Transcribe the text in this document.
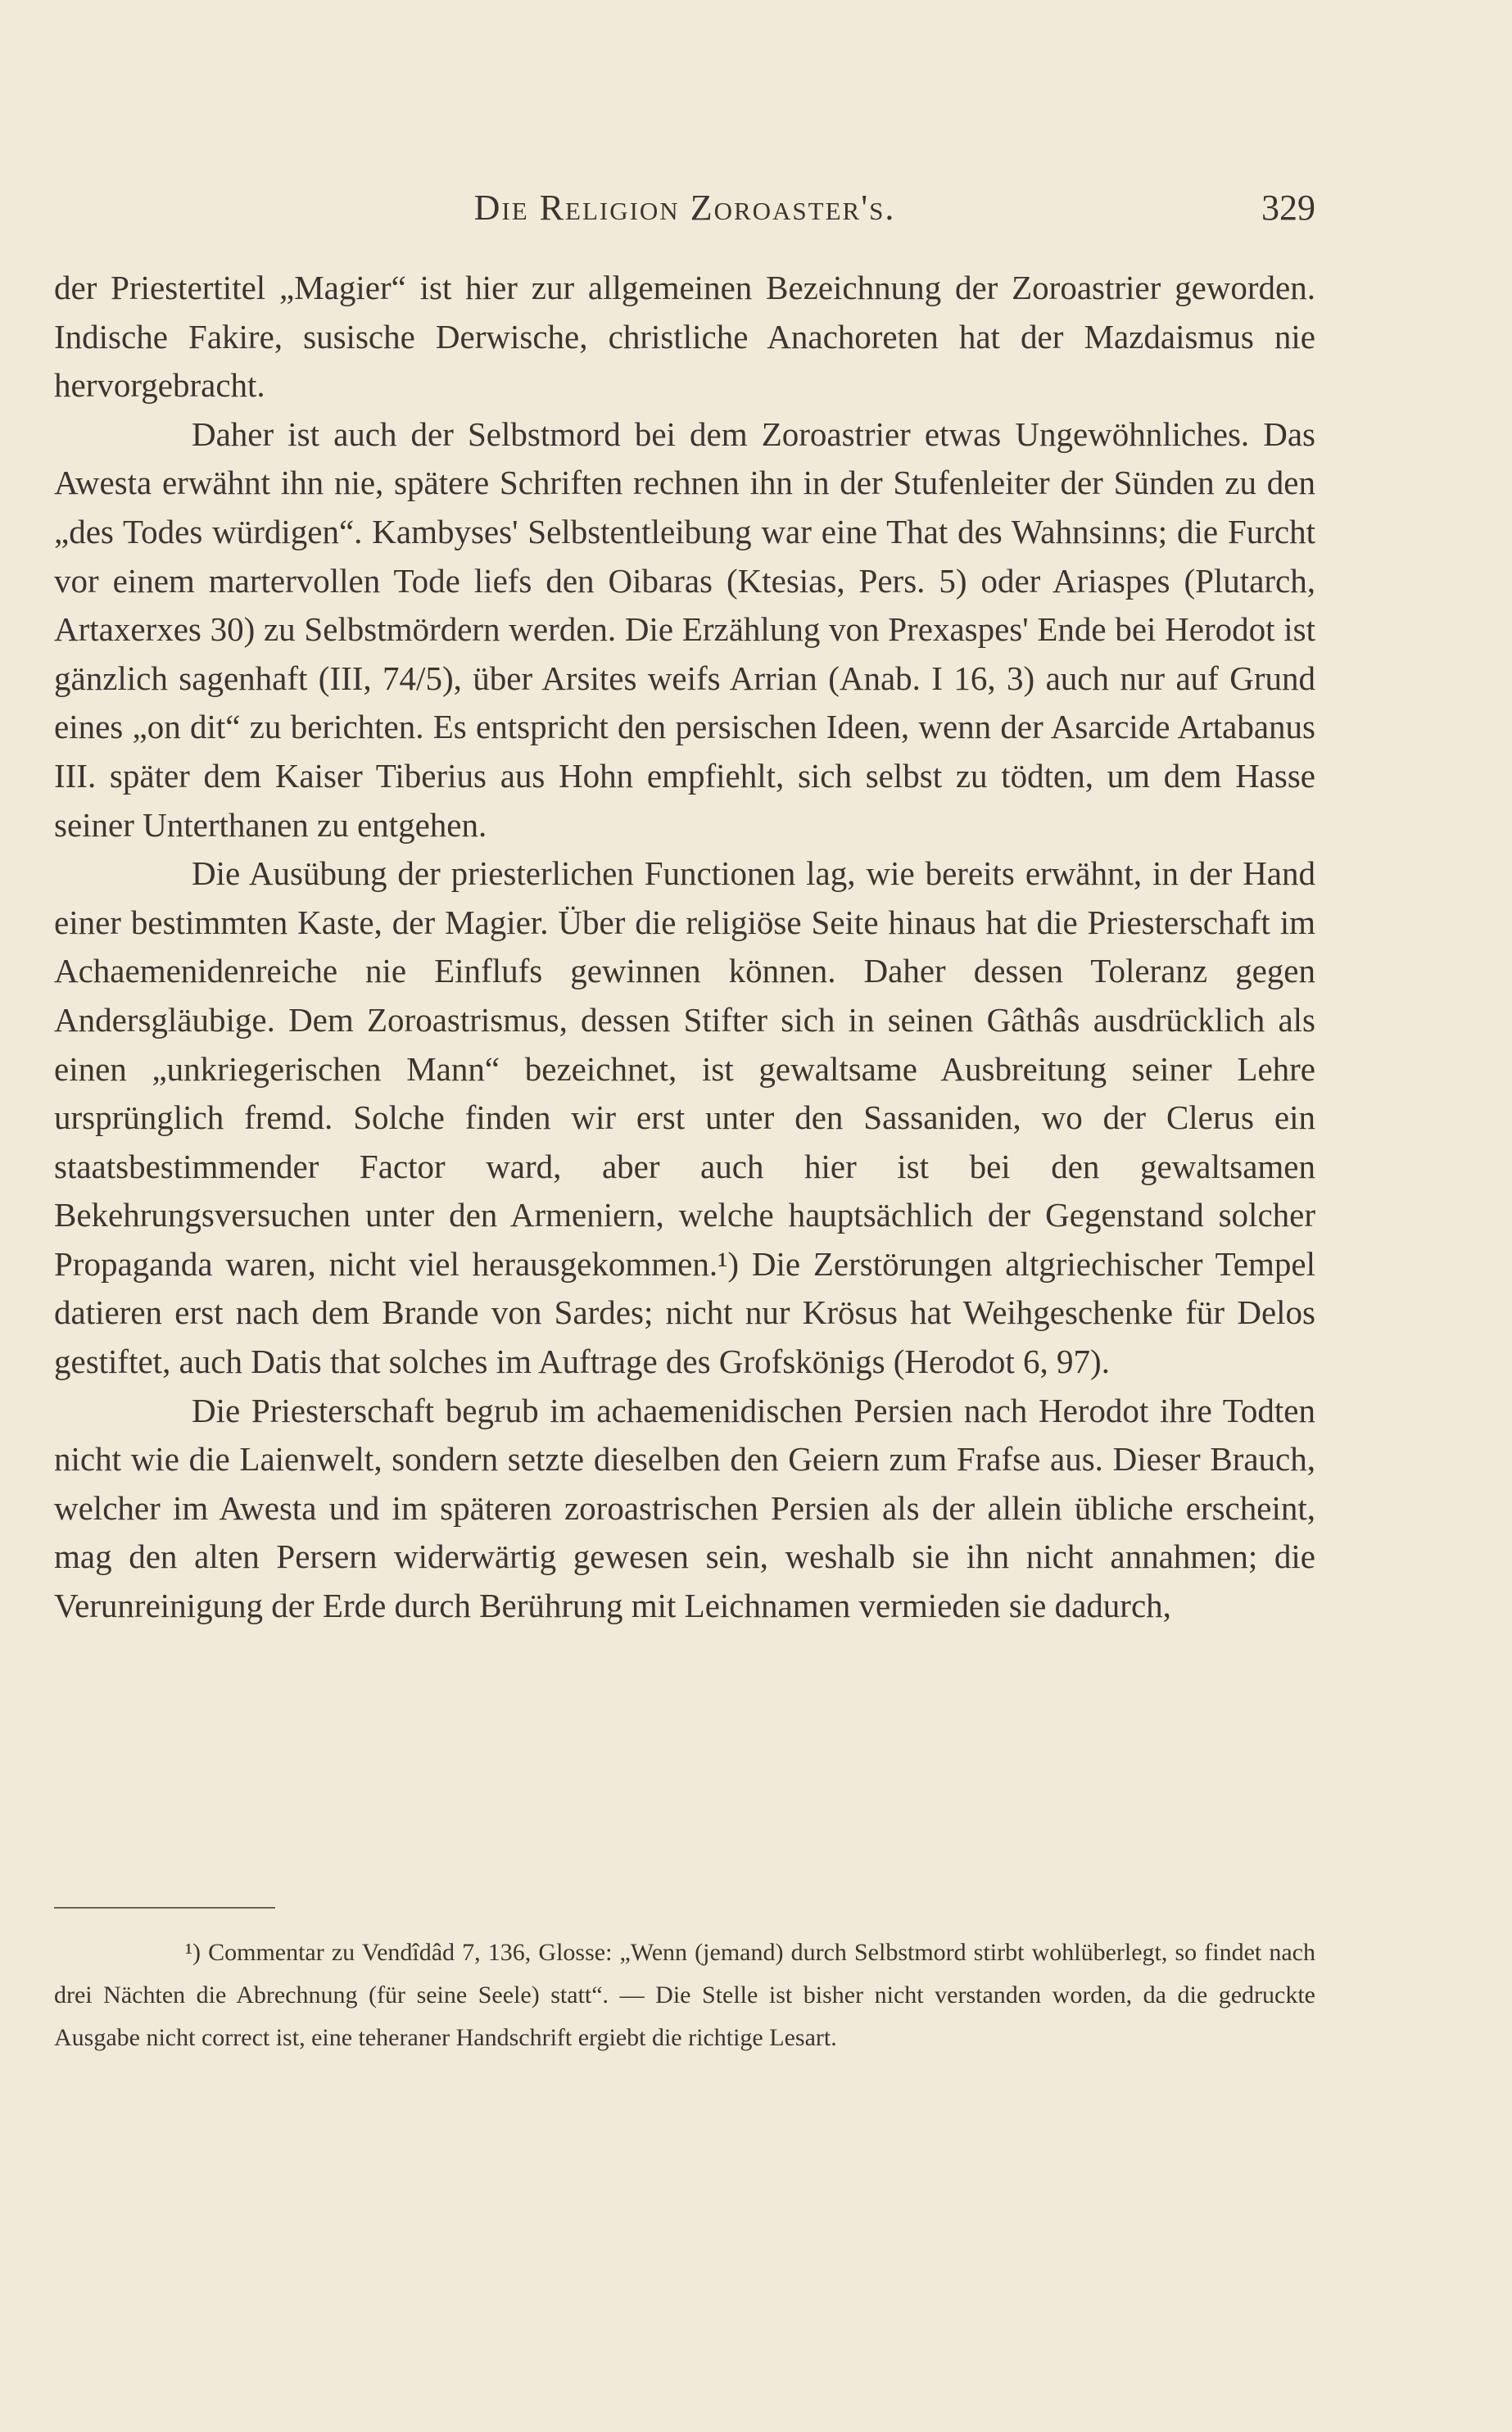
Die Religion Zoroaster's.	329

der Priestertitel „Magier“ ist hier zur allgemeinen Bezeichnung der Zoroastrier geworden. Indische Fakire, susische Derwische, christliche Anachoreten hat der Mazdaismus nie hervorgebracht.

Daher ist auch der Selbstmord bei dem Zoroastrier etwas Ungewöhnliches. Das Awesta erwähnt ihn nie, spätere Schriften rechnen ihn in der Stufenleiter der Sünden zu den „des Todes würdigen“. Kambyses' Selbstentleibung war eine That des Wahnsinns; die Furcht vor einem martervollen Tode liefs den Oibaras (Ktesias, Pers. 5) oder Ariaspes (Plutarch, Artaxerxes 30) zu Selbstmördern werden. Die Erzählung von Prexaspes' Ende bei Herodot ist gänzlich sagenhaft (III, 74/5), über Arsites weifs Arrian (Anab. I 16, 3) auch nur auf Grund eines „on dit“ zu berichten. Es entspricht den persischen Ideen, wenn der Asarcide Artabanus III. später dem Kaiser Tiberius aus Hohn empfiehlt, sich selbst zu tödten, um dem Hasse seiner Unterthanen zu entgehen.

Die Ausübung der priesterlichen Functionen lag, wie bereits erwähnt, in der Hand einer bestimmten Kaste, der Magier. Über die religiöse Seite hinaus hat die Priesterschaft im Achaemenidenreiche nie Einflufs gewinnen können. Daher dessen Toleranz gegen Andersgläubige. Dem Zoroastrismus, dessen Stifter sich in seinen Gâthâs ausdrücklich als einen „unkriegerischen Mann“ bezeichnet, ist gewaltsame Ausbreitung seiner Lehre ursprünglich fremd. Solche finden wir erst unter den Sassaniden, wo der Clerus ein staatsbestimmender Factor ward, aber auch hier ist bei den gewaltsamen Bekehrungsversuchen unter den Armeniern, welche hauptsächlich der Gegenstand solcher Propaganda waren, nicht viel herausgekommen.¹) Die Zerstörungen altgriechischer Tempel datieren erst nach dem Brande von Sardes; nicht nur Krösus hat Weihgeschenke für Delos gestiftet, auch Datis that solches im Auftrage des Grofskönigs (Herodot 6, 97).

Die Priesterschaft begrub im achaemenidischen Persien nach Herodot ihre Todten nicht wie die Laienwelt, sondern setzte dieselben den Geiern zum Frafse aus. Dieser Brauch, welcher im Awesta und im späteren zoroastrischen Persien als der allein übliche erscheint, mag den alten Persern widerwärtig gewesen sein, weshalb sie ihn nicht annahmen; die Verunreinigung der Erde durch Berührung mit Leichnamen vermieden sie dadurch,

¹) Commentar zu Vendîdâd 7, 136, Glosse: „Wenn (jemand) durch Selbstmord stirbt wohlüberlegt, so findet nach drei Nächten die Abrechnung (für seine Seele) statt“. — Die Stelle ist bisher nicht verstanden worden, da die gedruckte Ausgabe nicht correct ist, eine teheraner Handschrift ergiebt die richtige Lesart.
